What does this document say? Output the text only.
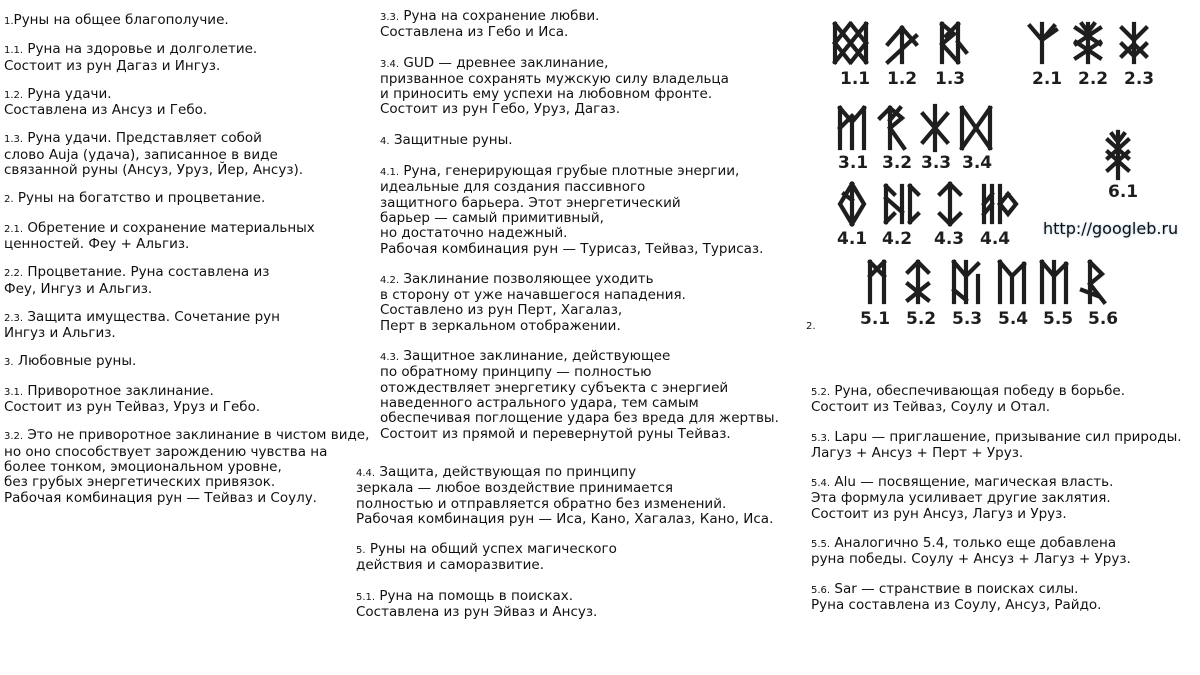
1.Руны на общее благополучие.

1.1. Руна на здоровье и долголетие.
Состоит из рун Дагаз и Ингуз.

1.2. Руна удачи.
Составлена из Ансуз и Гебо.

1.3. Руна удачи. Представляет собой
слово Auja (удача), записанное в виде
связанной руны (Ансуз, Уруз, Йер, Ансуз).

2. Руны на богатство и процветание.

2.1. Обретение и сохранение материальных
ценностей. Феу + Альгиз.

2.2. Процветание. Руна составлена из
Феу, Ингуз и Альгиз.

2.3. Защита имущества. Сочетание рун
Ингуз и Альгиз.

3. Любовные руны.

3.1. Приворотное заклинание.
Состоит из рун Тейваз, Уруз и Гебо.

3.2. Это не приворотное заклинание в чистом виде,
но оно способствует зарождению чувства на
более тонком, эмоциональном уровне,
без грубых энергетических привязок.
Рабочая комбинация рун — Тейваз и Соулу.

3.3. Руна на сохранение любви.
Составлена из Гебо и Иса.

3.4. GUD — древнее заклинание,
призванное сохранять мужскую силу владельца
и приносить ему успехи на любовном фронте.
Состоит из рун Гебо, Уруз, Дагаз.

4. Защитные руны.

4.1. Руна, генерирующая грубые плотные энергии,
идеальные для создания пассивного
защитного барьера. Этот энергетический
барьер — самый примитивный,
но достаточно надежный.
Рабочая комбинация рун — Турисаз, Тейваз, Турисаз.

4.2. Заклинание позволяющее уходить
в сторону от уже начавшегося нападения.
Составлено из рун Перт, Хагалаз,
Перт в зеркальном отображении.

4.3. Защитное заклинание, действующее
по обратному принципу — полностью
отождествляет энергетику субъекта с энергией
наведенного астрального удара, тем самым
обеспечивая поглощение удара без вреда для жертвы.
Состоит из прямой и перевернутой руны Тейваз.

4.4. Защита, действующая по принципу
зеркала — любое воздействие принимается
полностью и отправляется обратно без изменений.
Рабочая комбинация рун — Иса, Кано, Хагалаз, Кано, Иса.

5. Руны на общий успех магического
действия и саморазвитие.

5.1. Руна на помощь в поисках.
Составлена из рун Эйваз и Ансуз.

5.2. Руна, обеспечивающая победу в борьбе.
Состоит из Тейваз, Соулу и Отал.

5.3. Lapu — приглашение, призывание сил природы.
Лагуз + Ансуз + Перт + Уруз.

5.4. Alu — посвящение, магическая власть.
Эта формула усиливает другие заклятия.
Состоит из рун Ансуз, Лагуз и Уруз.

5.5. Аналогично 5.4, только еще добавлена
руна победы. Соулу + Ансуз + Лагуз + Уруз.

5.6. Sar — странствие в поисках силы.
Руна составлена из Соулу, Ансуз, Райдо.

1.1 1.2 1.3	2.1 2.2 2.3
3.1 3.2 3.3 3.4
6.1
4.1 4.2 4.3 4.4
5.1 5.2 5.3 5.4 5.5 5.6
http://googleb.ru
2.
